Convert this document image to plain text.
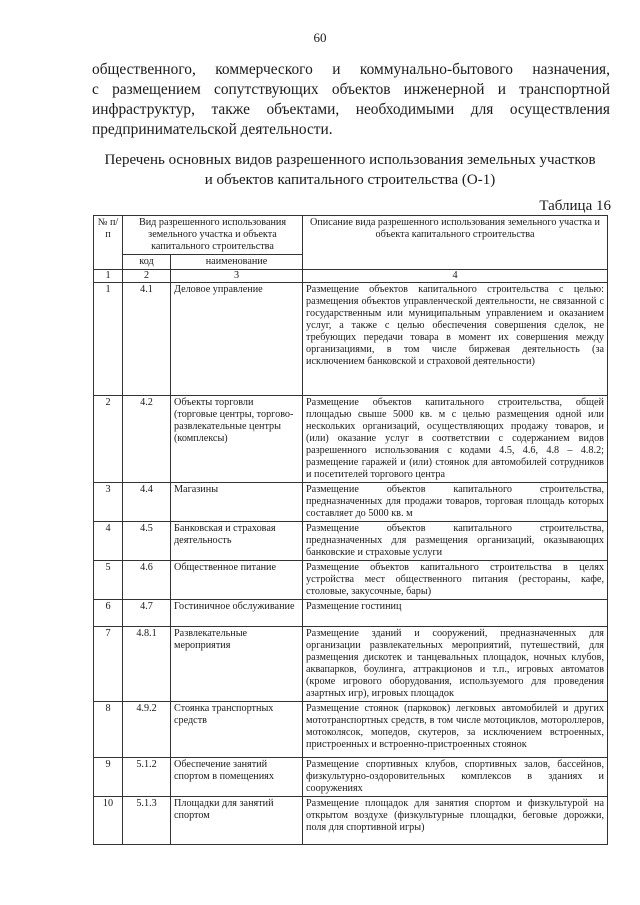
60
общественного, коммерческого и коммунально-бытового назначения,
с размещением сопутствующих объектов инженерной и транспортной
инфраструктур, также объектами, необходимыми для осуществления
предпринимательской деятельности.
Перечень основных видов разрешенного использования земельных участков
и объектов капитального строительства (О-1)
Таблица 16
№ п/п	Вид разрешенного использования земельного участка и объекта капитального строительства		Описание вида разрешенного использования земельного участка и объекта капитального строительства
	код	наименование	
1	2	3	4
1	4.1	Деловое управление	Размещение объектов капитального строительства с целью: размещения объектов управленческой деятельности, не связанной с государственным или муниципальным управлением и оказанием услуг, а также с целью обеспечения совершения сделок, не требующих передачи товара в момент их совершения между организациями, в том числе биржевая деятельность (за исключением банковской и страховой деятельности)
2	4.2	Объекты торговли (торговые центры, торгово-развлекательные центры (комплексы)	Размещение объектов капитального строительства, общей площадью свыше 5000 кв. м с целью размещения одной или нескольких организаций, осуществляющих продажу товаров, и (или) оказание услуг в соответствии с содержанием видов разрешенного использования с кодами 4.5, 4.6, 4.8 – 4.8.2; размещение гаражей и (или) стоянок для автомобилей сотрудников и посетителей торгового центра
3	4.4	Магазины	Размещение объектов капитального строительства, предназначенных для продажи товаров, торговая площадь которых составляет до 5000 кв. м
4	4.5	Банковская и страховая деятельность	Размещение объектов капитального строительства, предназначенных для размещения организаций, оказывающих банковские и страховые услуги
5	4.6	Общественное питание	Размещение объектов капитального строительства в целях устройства мест общественного питания (рестораны, кафе, столовые, закусочные, бары)
6	4.7	Гостиничное обслуживание	Размещение гостиниц
7	4.8.1	Развлекательные мероприятия	Размещение зданий и сооружений, предназначенных для организации развлекательных мероприятий, путешествий, для размещения дискотек и танцевальных площадок, ночных клубов, аквапарков, боулинга, аттракционов и т.п., игровых автоматов (кроме игрового оборудования, используемого для проведения азартных игр), игровых площадок
8	4.9.2	Стоянка транспортных средств	Размещение стоянок (парковок) легковых автомобилей и других мототранспортных средств, в том числе мотоциклов, мотороллеров, мотоколясок, мопедов, скутеров, за исключением встроенных, пристроенных и встроенно-пристроенных стоянок
9	5.1.2	Обеспечение занятий спортом в помещениях	Размещение спортивных клубов, спортивных залов, бассейнов, физкультурно-оздоровительных комплексов в зданиях и сооружениях
10	5.1.3	Площадки для занятий спортом	Размещение площадок для занятия спортом и физкультурой на открытом воздухе (физкультурные площадки, беговые дорожки, поля для спортивной игры)
